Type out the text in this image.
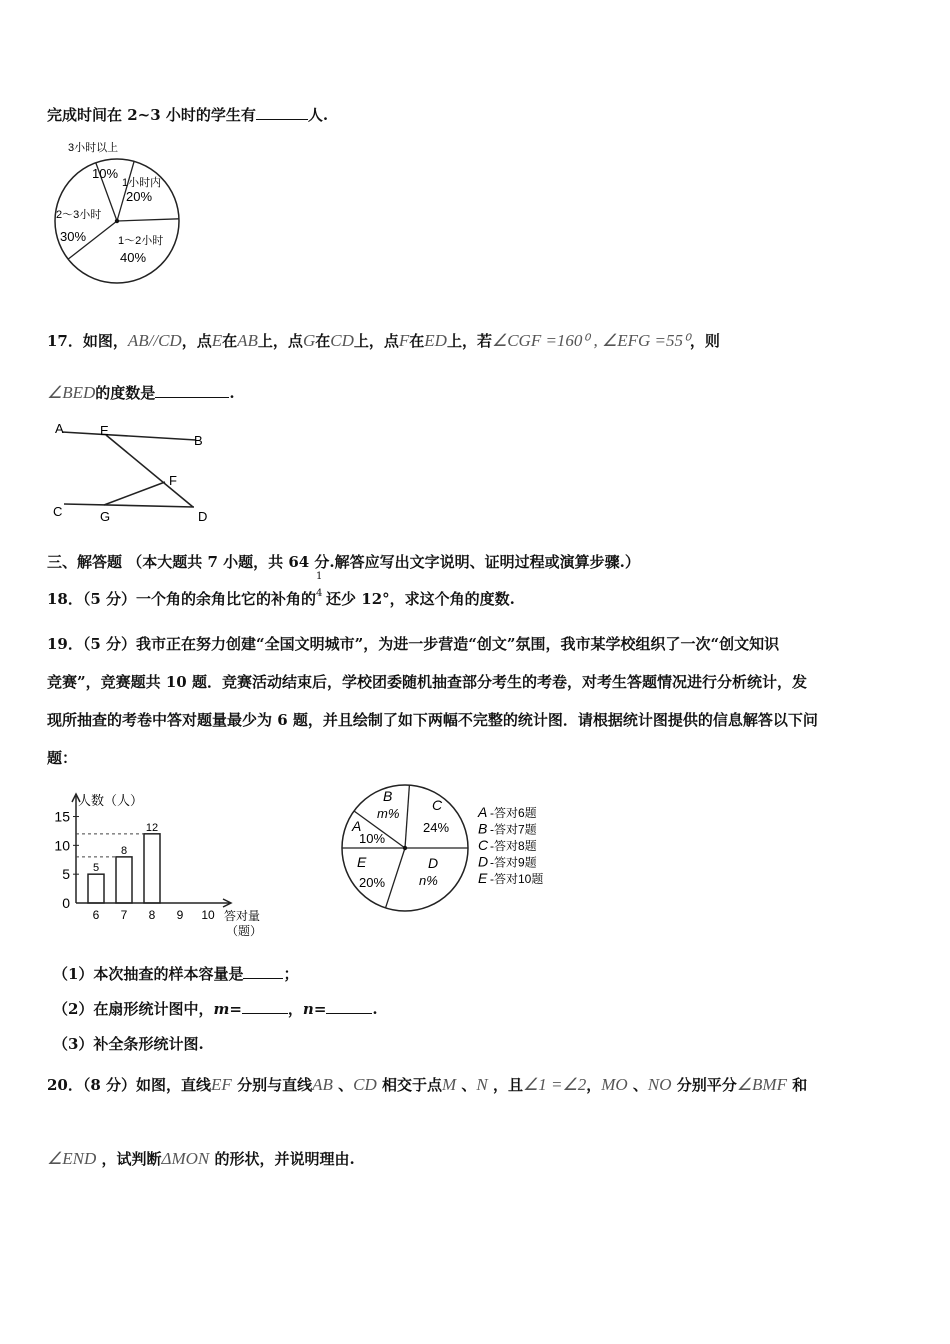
完成时间在 2~3 小时的学生有	人.
3小时以上
10%
1小时内
20%
1～2小时
40%
2～3小时
30%
17．如图，AB//CD，点E在AB上，点G在CD上，点F在ED上，若∠CGF =160⁰ , ∠EFG =55⁰，则
∠BED的度数是	.
A	E
B
F
C	G	D
三、解答题 （本大题共 7 小题，共 64 分.解答应写出文字说明、证明过程或演算步骤.）
18．（5 分）一个角的余角比它的补角的
1
4 还少 12°，求这个角的度数.
19．（5 分）我市正在努力创建“全国文明城市”，为进一步营造“创文”氛围，我市某学校组织了一次“创文知识
竞赛”，竞赛题共 10 题．竞赛活动结束后，学校团委随机抽查部分考生的考卷，对考生答题情况进行分析统计，发
现所抽查的考卷中答对题量最少为 6 题，并且绘制了如下两幅不完整的统计图．请根据统计图提供的信息解答以下问
题：
人数（人）
答对量
（题）
0
5
10
15
6
5
7
8
8
12
9 10
A
10%
B
m%
C
24%
D
n%
E
20%
A -答对6题
B -答对7题
C -答对8题
D -答对9题
E -答对10题
（1）本次抽查的样本容量是	；
（2）在扇形统计图中，m=	，n=	.
（3）补全条形统计图.
20．（8 分）如图，直线EF 分别与直线AB 、CD 相交于点M 、N ，且∠1 =∠2，MO 、NO 分别平分∠BMF 和
∠END ，试判断ΔMON 的形状，并说明理由.
